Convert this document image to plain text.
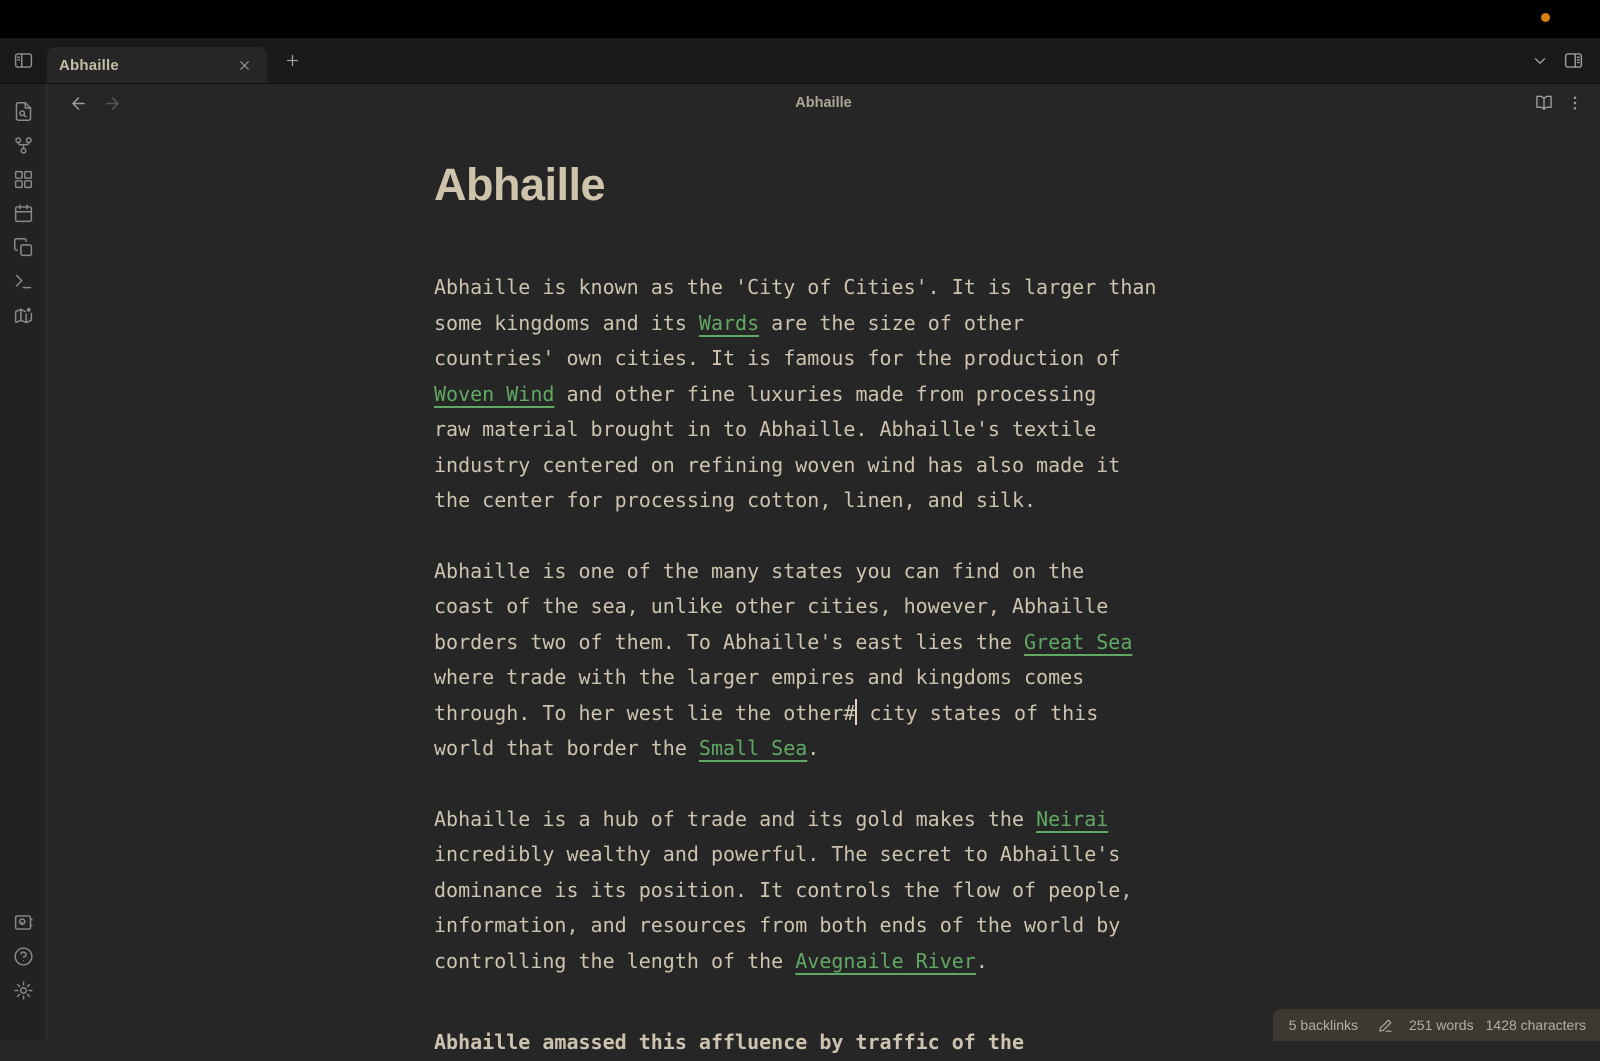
Abhaille
Abhaille
Abhaille
Abhaille is known as the 'City of Cities'. It is larger than
some kingdoms and its Wards are the size of other
countries' own cities. It is famous for the production of
Woven Wind and other fine luxuries made from processing
raw material brought in to Abhaille. Abhaille's textile
industry centered on refining woven wind has also made it
the center for processing cotton, linen, and silk.
Abhaille is one of the many states you can find on the
coast of the sea, unlike other cities, however, Abhaille
borders two of them. To Abhaille's east lies the Great Sea
where trade with the larger empires and kingdoms comes
through. To her west lie the other# city states of this
world that border the Small Sea.
Abhaille is a hub of trade and its gold makes the Neirai
incredibly wealthy and powerful. The secret to Abhaille's
dominance is its position. It controls the flow of people,
information, and resources from both ends of the world by
controlling the length of the Avegnaile River.
Abhaille amassed this affluence by traffic of the
5 backlinks	251 words 1428 characters
